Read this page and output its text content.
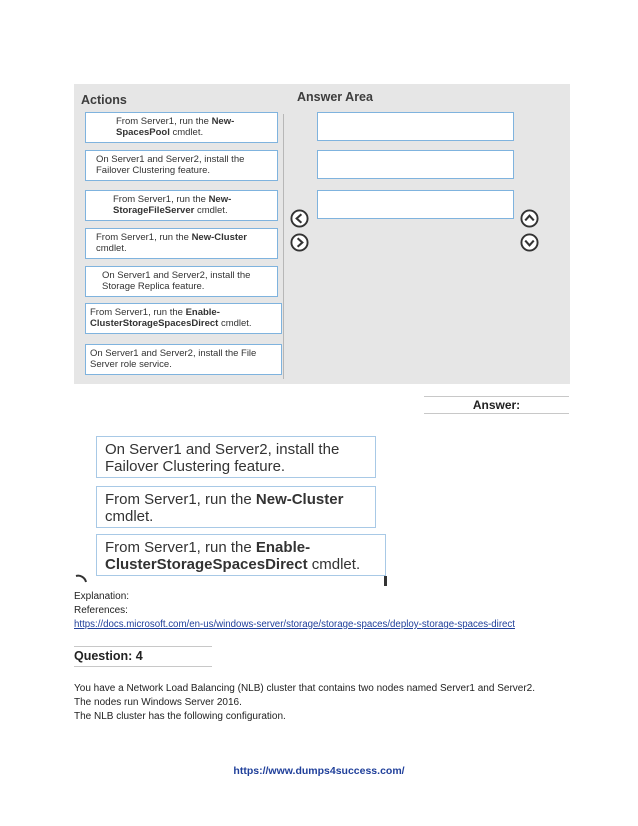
Actions	Answer Area
From Server1, run the New-SpacesPool cmdlet.
On Server1 and Server2, install the Failover Clustering feature.
From Server1, run the New-StorageFileServer cmdlet.
From Server1, run the New-Cluster cmdlet.
On Server1 and Server2, install the Storage Replica feature.
From Server1, run the Enable-ClusterStorageSpacesDirect cmdlet.
On Server1 and Server2, install the File Server role service.
Answer:
On Server1 and Server2, install the Failover Clustering feature.
From Server1, run the New-Cluster cmdlet.
From Server1, run the Enable-ClusterStorageSpacesDirect cmdlet.
Explanation:
References:
https://docs.microsoft.com/en-us/windows-server/storage/storage-spaces/deploy-storage-spaces-direct
Question: 4
You have a Network Load Balancing (NLB) cluster that contains two nodes named Server1 and Server2.
The nodes run Windows Server 2016.
The NLB cluster has the following configuration.
https://www.dumps4success.com/
